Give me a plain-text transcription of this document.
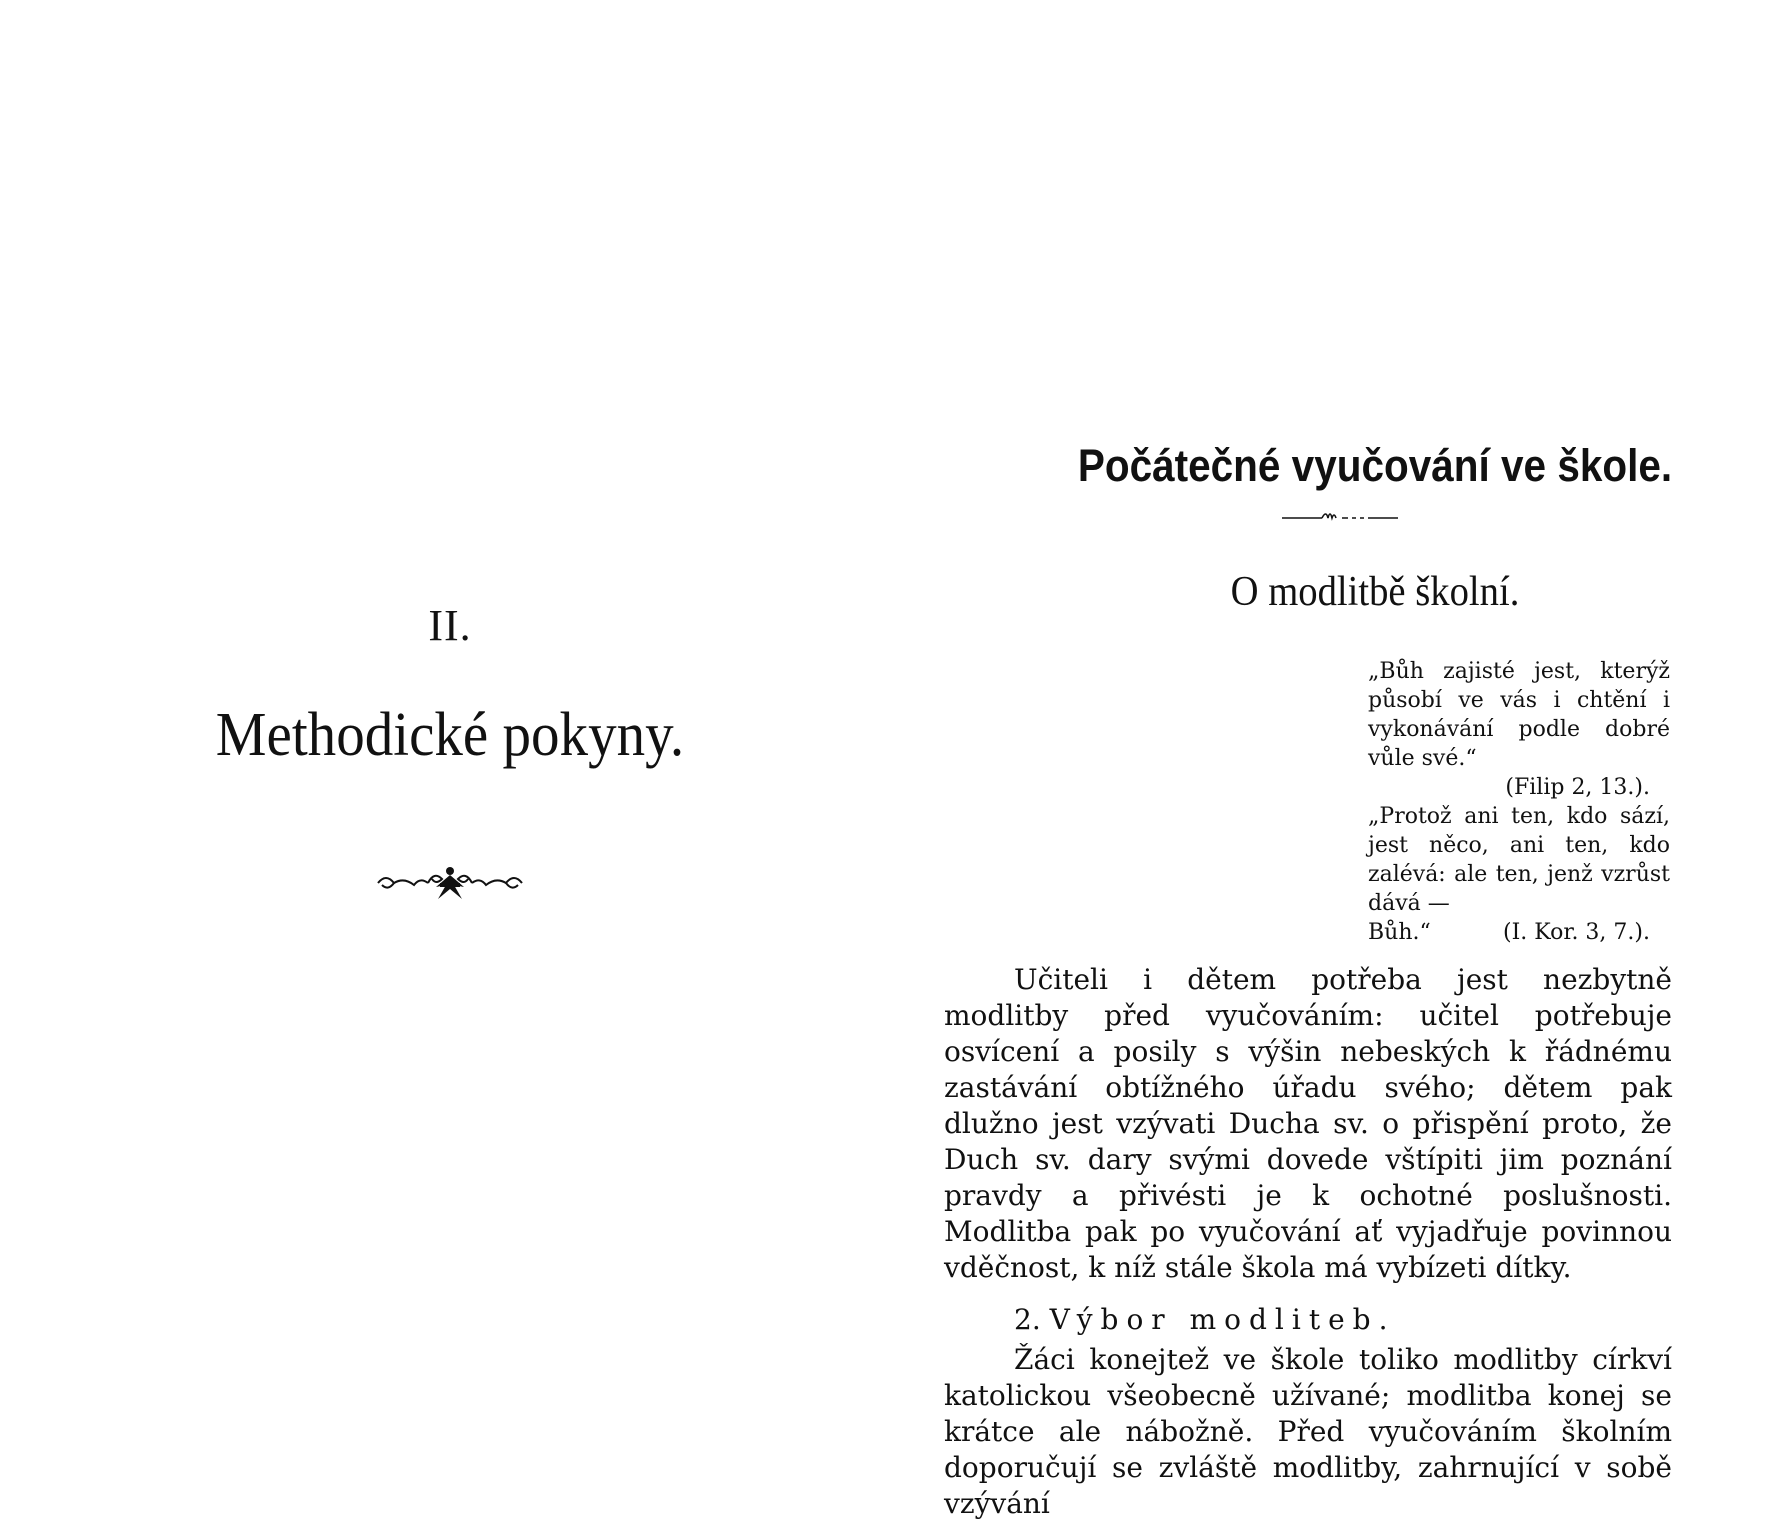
II.
Methodické pokyny.
Počátečné vyučování ve škole.
O modlitbě školní.
„Bůh zajisté jest, kterýž působí ve vás i chtění i vykonávání podle dobré vůle své.“
(Filip 2, 13.).
„Protož ani ten, kdo sází, jest něco, ani ten, kdo zalévá: ale ten, jenž vzrůst dává —
Bůh.“	(I. Kor. 3, 7.).

Učiteli i dětem potřeba jest nezbytně modlitby před vyučováním: učitel potřebuje osvícení a posily s výšin nebeských k řádnému zastávání obtížného úřadu svého; dětem pak dlužno jest vzývati Ducha sv. o přispění proto, že Duch sv. dary svými dovede vštípiti jim poznání pravdy a přivésti je k ochotné poslušnosti. Modlitba pak po vyučování ať vyjadřuje povinnou vděčnost, k níž stále škola má vybízeti dítky.

2. Výbor modliteb.

Žáci konejtež ve škole toliko modlitby církví katolickou všeobecně užívané; modlitba konej se krátce ale nábožně. Před vyučováním školním doporučují se zvláště modlitby, zahrnující v sobě vzývání
